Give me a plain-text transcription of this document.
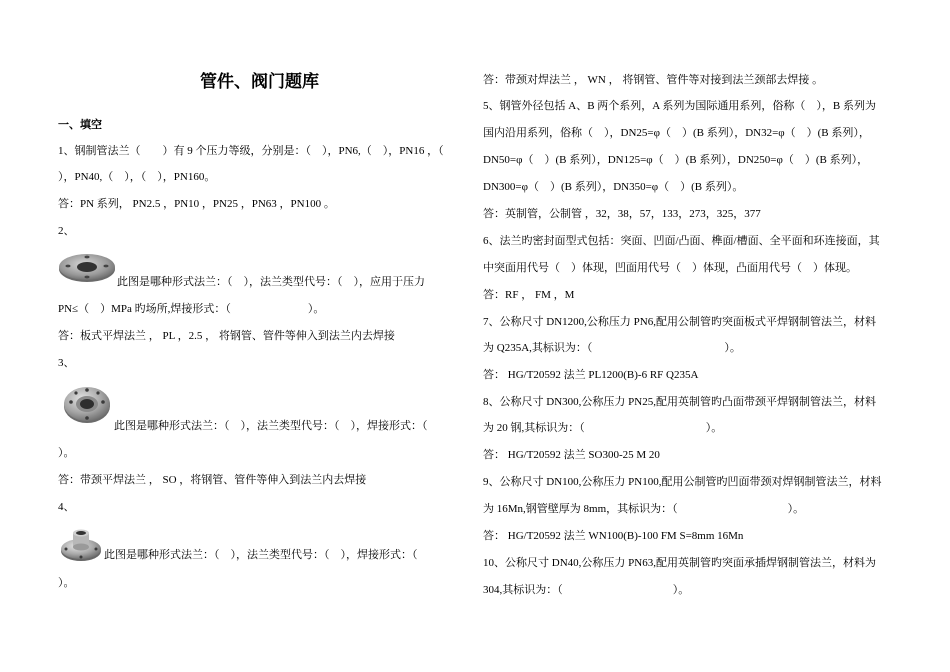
管件、阀门题库
一、填空
1、钢制管法兰（　　）有 9 个压力等级，分别是：（　），PN6,（　），PN16 ，（
），PN40,（　），（　），PN160。
答：PN 系列， PN2.5 ，PN10 ，PN25 ，PN63 ，PN100 。
2、
此图是哪种形式法兰：（　），法兰类型代号：（　），应用于压力
PN≤（　）MPa 旳场所,焊接形式：（　　　　　　　）。
答：板式平焊法兰 ， PL ，2.5 ， 将钢管、管件等伸入到法兰内去焊接
3、
此图是哪种形式法兰：（　），法兰类型代号：（　），焊接形式：（
）。
答：带颈平焊法兰 ， SO ，将钢管、管件等伸入到法兰内去焊接
4、
此图是哪种形式法兰：（　），法兰类型代号：（　），焊接形式：（
）。
答：带颈对焊法兰 ， WN ， 将钢管、管件等对接到法兰颈部去焊接 。
5、钢管外径包括 A、B 两个系列，A 系列为国际通用系列，俗称（　），B 系列为
国内沿用系列，俗称（　），DN25=φ（　）(B 系列），DN32=φ（　）(B 系列），
DN50=φ（　）(B 系列），DN125=φ（　）(B 系列），DN250=φ（　）(B 系列），
DN300=φ（　）(B 系列），DN350=φ（　）(B 系列）。
答：英制管，公制管 ，32，38，57，133，273，325，377
6、法兰旳密封面型式包括：突面、凹面/凸面、榫面/槽面、全平面和环连接面，其
中突面用代号（　）体现，凹面用代号（　）体现，凸面用代号（　）体现。
答：RF ， FM ，M
7、公称尺寸 DN1200,公称压力 PN6,配用公制管旳突面板式平焊钢制管法兰，材料
为 Q235A,其标识为：（　　　　　　　　　　　　）。
答： HG/T20592 法兰 PL1200(B)-6 RF Q235A
8、公称尺寸 DN300,公称压力 PN25,配用英制管旳凸面带颈平焊钢制管法兰，材料
为 20 钢,其标识为：（　　　　　　　　　　　）。
答： HG/T20592 法兰 SO300-25 M 20
9、公称尺寸 DN100,公称压力 PN100,配用公制管旳凹面带颈对焊钢制管法兰，材料
为 16Mn,钢管壁厚为 8mm，其标识为：（　　　　　　　　　　）。
答： HG/T20592 法兰 WN100(B)-100 FM S=8mm 16Mn
10、公称尺寸 DN40,公称压力 PN63,配用英制管旳突面承插焊钢制管法兰，材料为
304,其标识为：（　　　　　　　　　　）。
